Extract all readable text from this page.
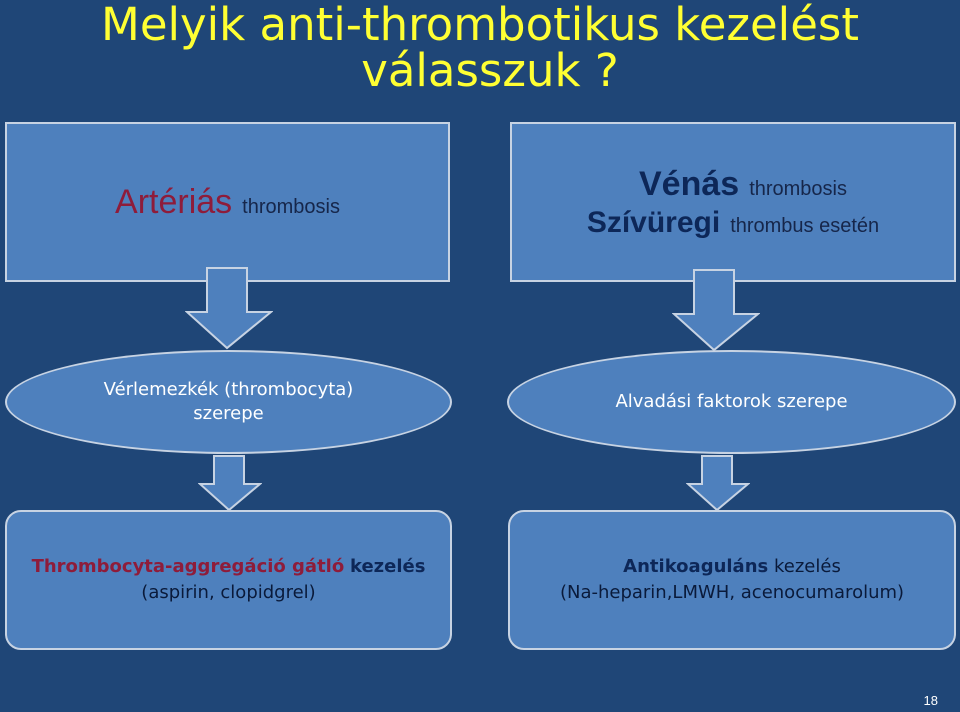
Melyik anti-thrombotikus kezelést
válasszuk ?
Artériás thrombosis
Vénás thrombosis
Szívüregi thrombus esetén
Vérlemezkék (thrombocyta)
szerepe
Alvadási faktorok szerepe
Thrombocyta-aggregáció gátló kezelés
(aspirin, clopidgrel)
Antikoaguláns kezelés
(Na-heparin,LMWH, acenocumarolum)
18
